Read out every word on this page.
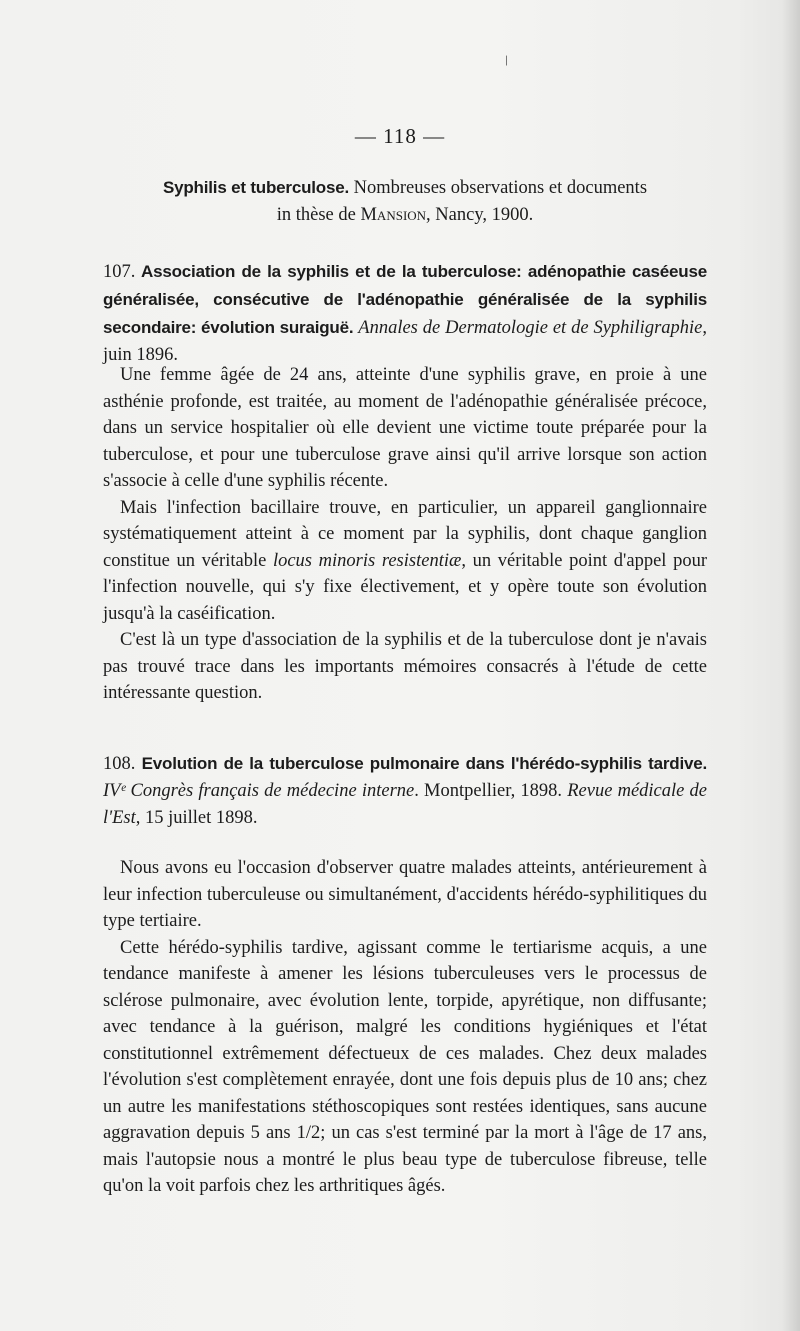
\
— 118 —
Syphilis et tuberculose. Nombreuses observations et documents
in thèse de Mansion, Nancy, 1900.
107. Association de la syphilis et de la tuberculose: adénopathie caséeuse généralisée, consécutive de l'adénopathie généralisée de la syphilis secondaire: évolution suraiguë. Annales de Dermatologie et de Syphiligraphie, juin 1896.

Une femme âgée de 24 ans, atteinte d'une syphilis grave, en proie à une asthénie profonde, est traitée, au moment de l'adénopathie généralisée précoce, dans un service hospitalier où elle devient une victime toute préparée pour la tuberculose, et pour une tuberculose grave ainsi qu'il arrive lorsque son action s'associe à celle d'une syphilis récente.

Mais l'infection bacillaire trouve, en particulier, un appareil ganglionnaire systématiquement atteint à ce moment par la syphilis, dont chaque ganglion constitue un véritable locus minoris resistentiæ, un véritable point d'appel pour l'infection nouvelle, qui s'y fixe électivement, et y opère toute son évolution jusqu'à la caséification.

C'est là un type d'association de la syphilis et de la tuberculose dont je n'avais pas trouvé trace dans les importants mémoires consacrés à l'étude de cette intéressante question.

108. Evolution de la tuberculose pulmonaire dans l'hérédo-syphilis tardive. IVᵉ Congrès français de médecine interne. Montpellier, 1898. Revue médicale de l'Est, 15 juillet 1898.

Nous avons eu l'occasion d'observer quatre malades atteints, antérieurement à leur infection tuberculeuse ou simultanément, d'accidents hérédo-syphilitiques du type tertiaire.

Cette hérédo-syphilis tardive, agissant comme le tertiarisme acquis, a une tendance manifeste à amener les lésions tuberculeuses vers le processus de sclérose pulmonaire, avec évolution lente, torpide, apyrétique, non diffusante; avec tendance à la guérison, malgré les conditions hygiéniques et l'état constitutionnel extrêmement défectueux de ces malades. Chez deux malades l'évolution s'est complètement enrayée, dont une fois depuis plus de 10 ans; chez un autre les manifestations stéthoscopiques sont restées identiques, sans aucune aggravation depuis 5 ans 1/2; un cas s'est terminé par la mort à l'âge de 17 ans, mais l'autopsie nous a montré le plus beau type de tuberculose fibreuse, telle qu'on la voit parfois chez les arthritiques âgés.
